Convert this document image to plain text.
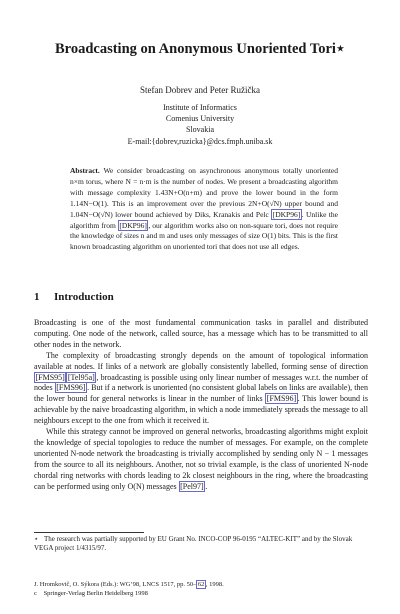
Broadcasting on Anonymous Unoriented Tori⋆
Stefan Dobrev and Peter Ružička
Institute of Informatics
Comenius University
Slovakia
E-mail:{dobrev,ruzicka}@dcs.fmph.uniba.sk
Abstract. We consider broadcasting on asynchronous anonymous totally unoriented n×m torus, where N = n·m is the number of nodes. We present a broadcasting algorithm with message complexity 1.43N+O(n+m) and prove the lower bound in the form 1.14N−O(1). This is an improvement over the previous 2N+O(√N) upper bound and 1.04N−O(√N) lower bound achieved by Diks, Kranakis and Pelc [DKP96] . Unlike the algorithm from [DKP96] , our algorithm works also on non-square tori, does not require the knowledge of sizes n and m and uses only messages of size O(1) bits. This is the first known broadcasting algorithm on unoriented tori that does not use all edges.
1 Introduction

Broadcasting is one of the most fundamental communication tasks in parallel and distributed computing. One node of the network, called source, has a message which has to be transmitted to all other nodes in the network.

The complexity of broadcasting strongly depends on the amount of topological information available at nodes. If links of a network are globally consistently labelled, forming sense of direction [FMS95] [Tel95a] , broadcasting is possible using only linear number of messages w.r.t. the number of nodes [FMS96] . But if a network is unoriented (no consistent global labels on links are available), then the lower bound for general networks is linear in the number of links [FMS96] . This lower bound is achievable by the naive broadcasting algorithm, in which a node immediately spreads the message to all neighbours except to the one from which it received it.

While this strategy cannot be improved on general networks, broadcasting algorithms might exploit the knowledge of special topologies to reduce the number of messages. For example, on the complete unoriented N-node network the broadcasting is trivially accomplished by sending only N − 1 messages from the source to all its neighbours. Another, not so trivial example, is the class of unoriented N-node chordal ring networks with chords leading to 2k closest neighbours in the ring, where the broadcasting can be performed using only O(N) messages [Pel97] .

⋆ The research was partially supported by EU Grant No. INCO-COP 96-0195 “ALTEC-KIT” and by the Slovak VEGA project 1/4315/97.
J. Hromkovič, O. Sýkora (Eds.): WG’98, LNCS 1517, pp. 50– 62 , 1998.
c⃝ Springer-Verlag Berlin Heidelberg 1998
